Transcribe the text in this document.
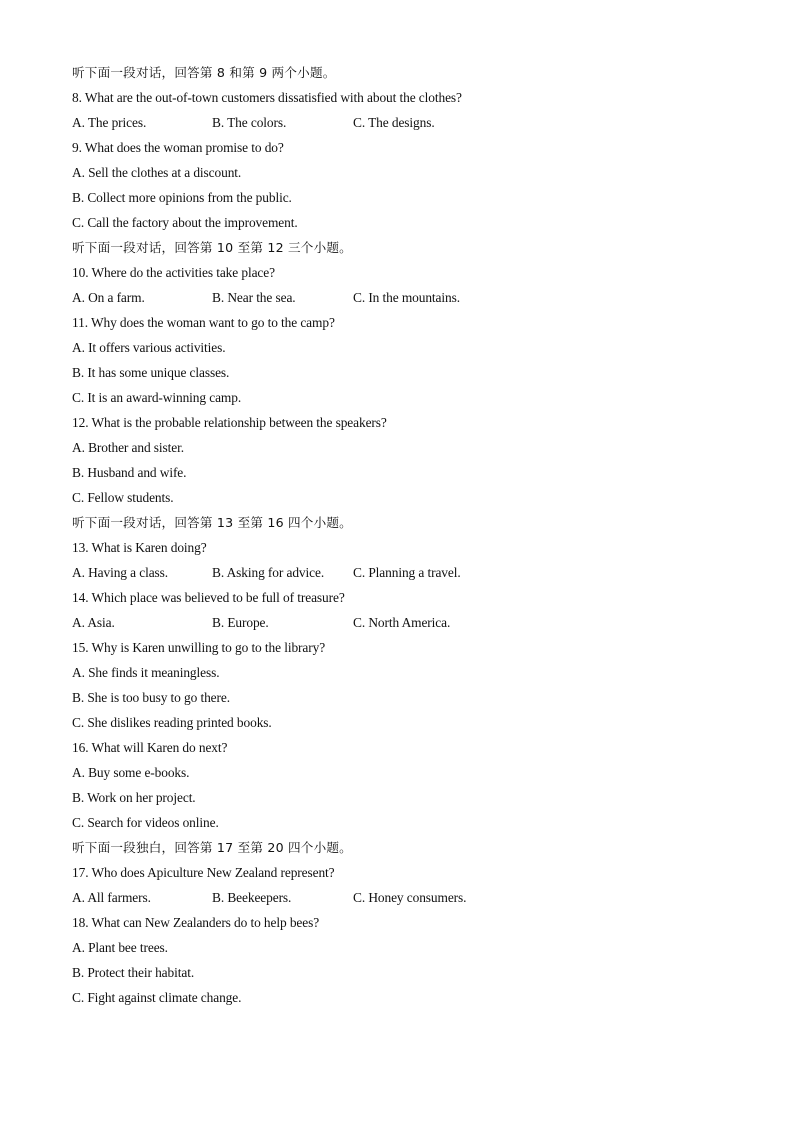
听下面一段对话，回答第 8 和第 9 两个小题。
8. What are the out-of-town customers dissatisfied with about the clothes?
A. The prices.	B. The colors.	C. The designs.
9. What does the woman promise to do?
A. Sell the clothes at a discount.
B. Collect more opinions from the public.
C. Call the factory about the improvement.
听下面一段对话，回答第 10 至第 12 三个小题。
10. Where do the activities take place?
A. On a farm.	B. Near the sea.	C. In the mountains.
11. Why does the woman want to go to the camp?
A. It offers various activities.
B. It has some unique classes.
C. It is an award-winning camp.
12. What is the probable relationship between the speakers?
A. Brother and sister.
B. Husband and wife.
C. Fellow students.
听下面一段对话，回答第 13 至第 16 四个小题。
13. What is Karen doing?
A. Having a class.	B. Asking for advice.	C. Planning a travel.
14. Which place was believed to be full of treasure?
A. Asia.	B. Europe.	C. North America.
15. Why is Karen unwilling to go to the library?
A. She finds it meaningless.
B. She is too busy to go there.
C. She dislikes reading printed books.
16. What will Karen do next?
A. Buy some e-books.
B. Work on her project.
C. Search for videos online.
听下面一段独白，回答第 17 至第 20 四个小题。
17. Who does Apiculture New Zealand represent?
A. All farmers.	B. Beekeepers.	C. Honey consumers.
18. What can New Zealanders do to help bees?
A. Plant bee trees.
B. Protect their habitat.
C. Fight against climate change.
